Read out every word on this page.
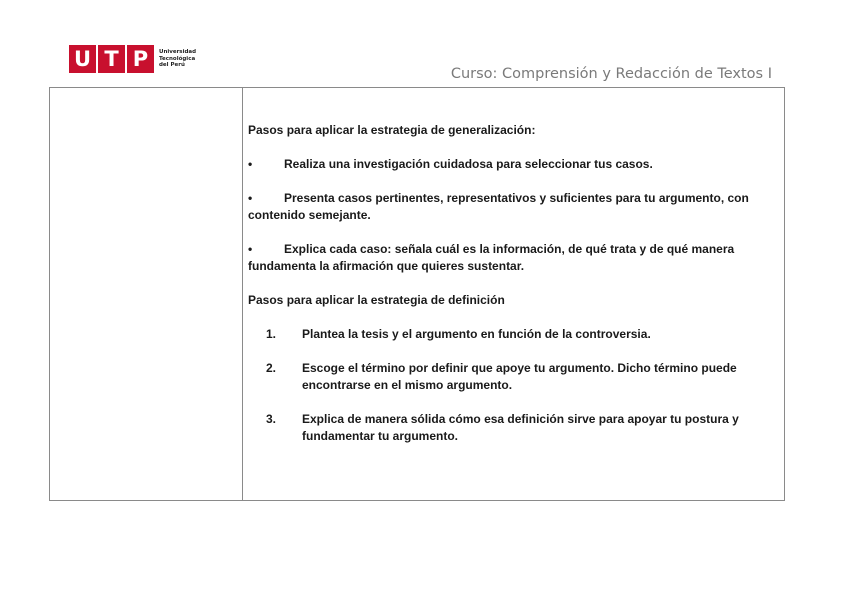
U T P	Universidad
Tecnológica
del Perú
Curso: Comprensión y Redacción de Textos I

Pasos para aplicar la estrategia de generalización:

•	Realiza una investigación cuidadosa para seleccionar tus casos.

•	Presenta casos pertinentes, representativos y suficientes para tu argumento, con contenido semejante.

•	Explica cada caso: señala cuál es la información, de qué trata y de qué manera fundamenta la afirmación que quieres sustentar.

Pasos para aplicar la estrategia de definición

1.	Plantea la tesis y el argumento en función de la controversia.
2.	Escoge el término por definir que apoye tu argumento. Dicho término puede encontrarse en el mismo argumento.
3.	Explica de manera sólida cómo esa definición sirve para apoyar tu postura y fundamentar tu argumento.
